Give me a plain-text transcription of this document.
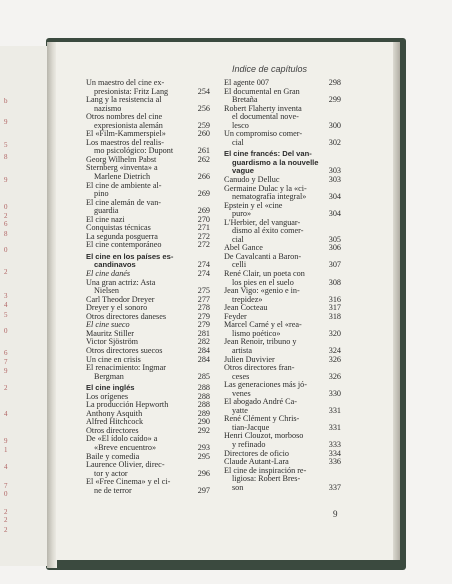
b
9
5
8
9
0
2
6
8
0
2
3
4
5
0
6
7
9
2
4
9
1
4
7
0
2
2
2
Indice de capítulos
Un maestro del cine ex-
presionista: Fritz Lang	254
Lang y la resistencia al
nazismo	256
Otros nombres del cine
expresionista alemán	259
El «Film-Kammerspiel»	260
Los maestros del realis-
mo psicológico: Dupont	261
Georg Wilhelm Pabst	262
Sternberg «inventa» a
Marlene Dietrich	266
El cine de ambiente al-
pino	269
El cine alemán de van-
guardia	269
El cine nazi	270
Conquistas técnicas	271
La segunda posguerra	272
El cine contemporáneo	272
El cine en los países es-
candinavos	274
El cine danés	274
Una gran actriz: Asta
Nielsen	275
Carl Theodor Dreyer	277
Dreyer y el sonoro	278
Otros directores daneses	279
El cine sueco	279
Mauritz Stiller	281
Victor Sjöström	282
Otros directores suecos	284
Un cine en crisis	284
El renacimiento: Ingmar
Bergman	285
El cine inglés	288
Los orígenes	288
La producción Hepworth	288
Anthony Asquith	289
Alfred Hitchcock	290
Otros directores	292
De «El ídolo caído» a
«Breve encuentro»	293
Baile y comedia	295
Laurence Olivier, direc-
tor y actor	296
El «Free Cinema» y el ci-
ne de terror	297
El agente 007	298
El documental en Gran
Bretaña	299
Robert Flaherty inventa
el documental nove-
lesco	300
Un compromiso comer-
cial	302
El cine francés: Del van-
guardismo a la nouvelle
vague	303
Canudo y Delluc	303
Germaine Dulac y la «ci-
nematografía integral»	304
Epstein y el «cine
puro»	304
L'Herbier, del vanguar-
dismo al éxito comer-
cial	305
Abel Gance	306
De Cavalcanti a Baron-
celli	307
René Clair, un poeta con
los pies en el suelo	308
Jean Vigo: «genio e in-
trepidez»	316
Jean Cocteau	317
Feyder	318
Marcel Carné y el «rea-
lismo poético»	320
Jean Renoir, tribuno y
artista	324
Julien Duvivier	326
Otros directores fran-
ceses	326
Las generaciones más jó-
venes	330
El abogado André Ca-
yatte	331
René Clément y Chris-
tian-Jacque	331
Henri Clouzot, morboso
y refinado	333
Directores de oficio	334
Claude Autant-Lara	336
El cine de inspiración re-
ligiosa: Robert Bres-
son	337
9
